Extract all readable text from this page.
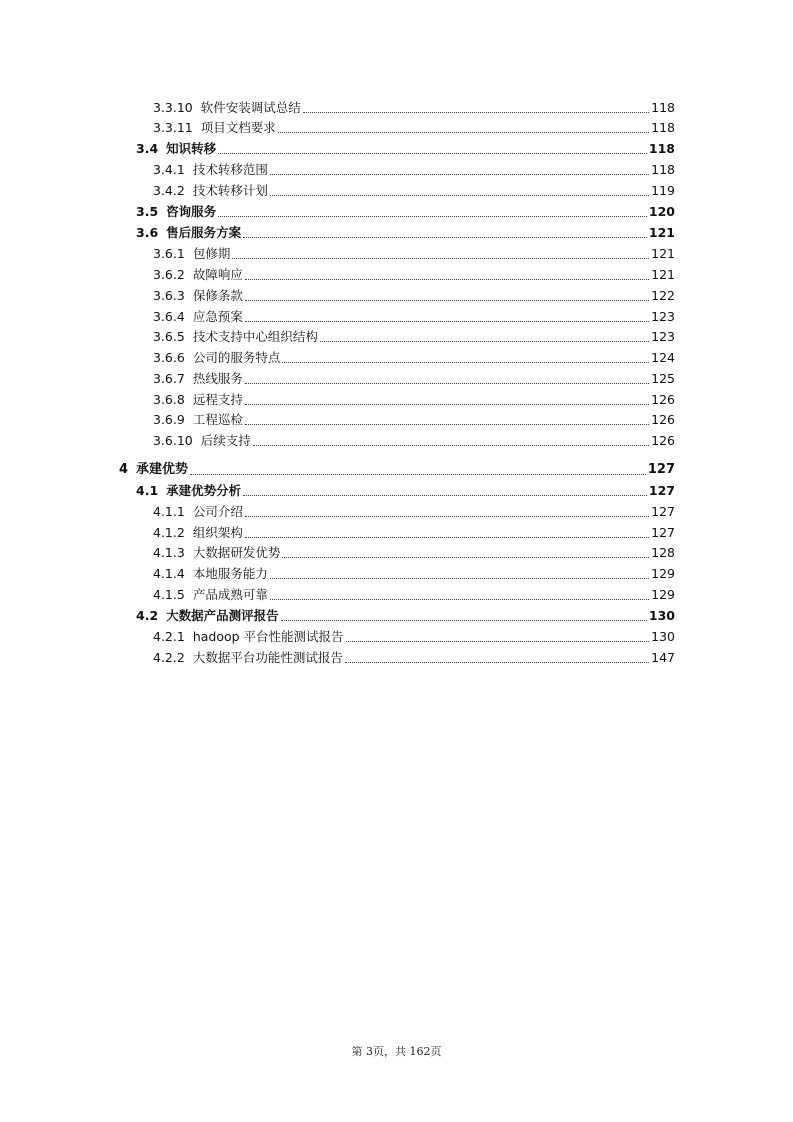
3.3.10 软件安装调试总结	118
3.3.11 项目文档要求	118
3.4 知识转移	118
3.4.1 技术转移范围	118
3.4.2 技术转移计划	119
3.5 咨询服务	120
3.6 售后服务方案	121
3.6.1 包修期	121
3.6.2 故障响应	121
3.6.3 保修条款	122
3.6.4 应急预案	123
3.6.5 技术支持中心组织结构	123
3.6.6 公司的服务特点	124
3.6.7 热线服务	125
3.6.8 远程支持	126
3.6.9 工程巡检	126
3.6.10 后续支持	126
4 承建优势	127
4.1 承建优势分析	127
4.1.1 公司介绍	127
4.1.2 组织架构	127
4.1.3 大数据研发优势	128
4.1.4 本地服务能力	129
4.1.5 产品成熟可靠	129
4.2 大数据产品测评报告	130
4.2.1 hadoop 平台性能测试报告	130
4.2.2 大数据平台功能性测试报告	147
第 3页，共 162页
